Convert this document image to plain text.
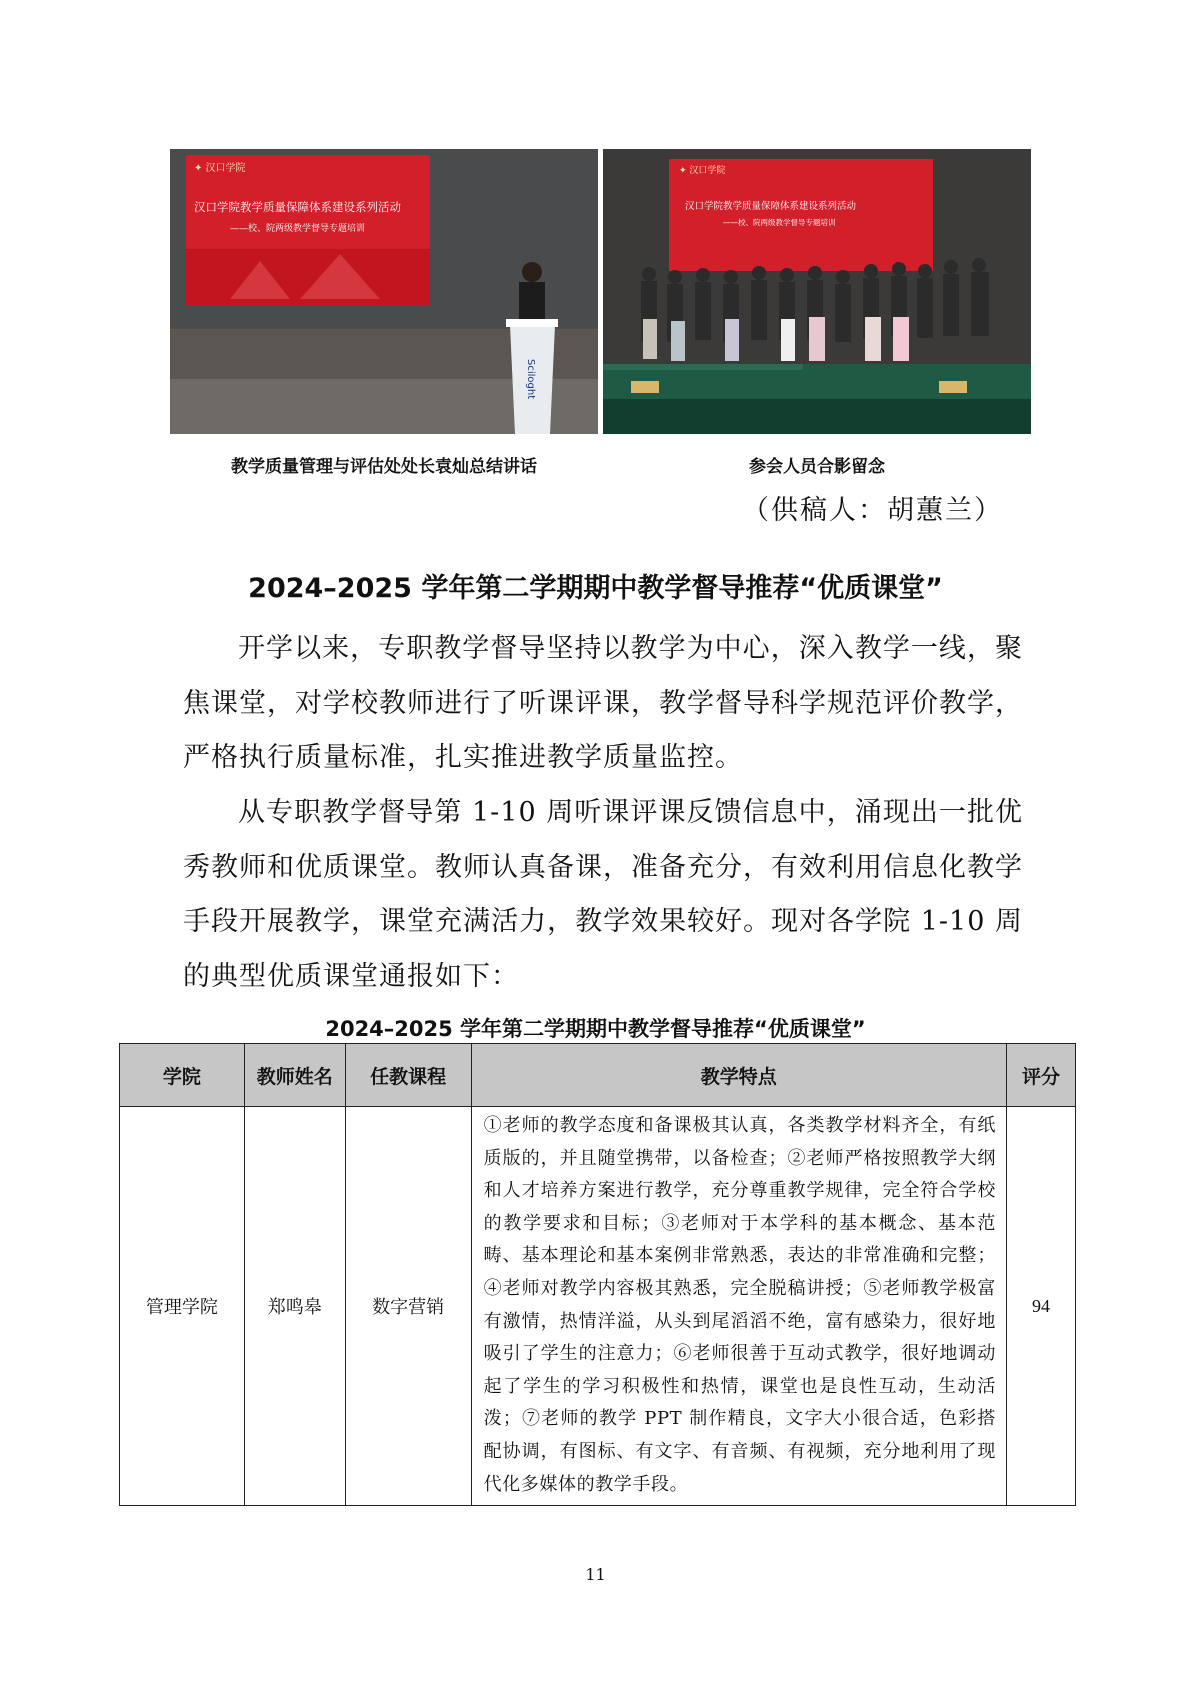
✦ 汉口学院
汉口学院教学质量保障体系建设系列活动
——校、院两级教学督导专题培训
Sciloght
✦ 汉口学院
汉口学院教学质量保障体系建设系列活动
——校、院两级教学督导专题培训
教学质量管理与评估处处长袁灿总结讲话	参会人员合影留念
（供稿人：胡蕙兰）
2024–2025 学年第二学期期中教学督导推荐“优质课堂”

开学以来，专职教学督导坚持以教学为中心，深入教学一线，聚焦课堂，对学校教师进行了听课评课，教学督导科学规范评价教学，严格执行质量标准，扎实推进教学质量监控。

从专职教学督导第 1-10 周听课评课反馈信息中，涌现出一批优秀教师和优质课堂。教师认真备课，准备充分，有效利用信息化教学手段开展教学，课堂充满活力，教学效果较好。现对各学院 1-10 周的典型优质课堂通报如下：

2024–2025 学年第二学期期中教学督导推荐“优质课堂”
学院	教师姓名	任教课程	教学特点	评分
管理学院	郑鸣皋	数字营销	①老师的教学态度和备课极其认真，各类教学材料齐全，有纸质版的，并且随堂携带，以备检查；②老师严格按照教学大纲和人才培养方案进行教学，充分尊重教学规律，完全符合学校的教学要求和目标；③老师对于本学科的基本概念、基本范畴、基本理论和基本案例非常熟悉，表达的非常准确和完整；④老师对教学内容极其熟悉，完全脱稿讲授；⑤老师教学极富有激情，热情洋溢，从头到尾滔滔不绝，富有感染力，很好地吸引了学生的注意力；⑥老师很善于互动式教学，很好地调动起了学生的学习积极性和热情，课堂也是良性互动，生动活泼；⑦老师的教学 PPT 制作精良，文字大小很合适，色彩搭配协调，有图标、有文字、有音频、有视频，充分地利用了现代化多媒体的教学手段。	94
11
